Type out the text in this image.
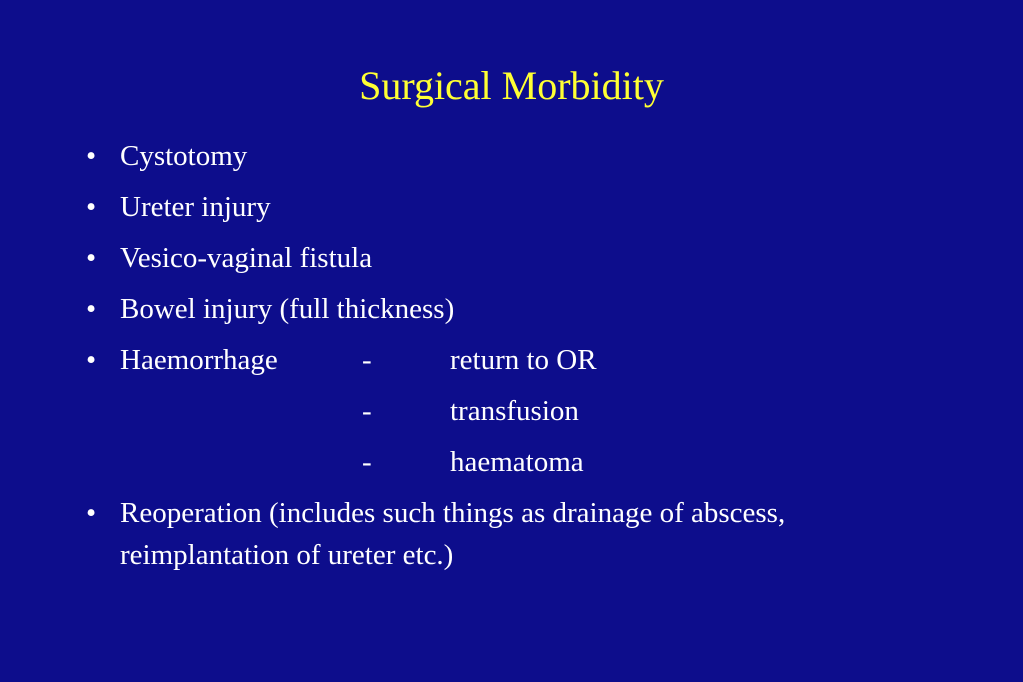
Surgical Morbidity
• Cystotomy
• Ureter injury
• Vesico-vaginal fistula
• Bowel injury (full thickness)
• Haemorrhage	-	return to OR
-	transfusion
-	haematoma
• Reoperation (includes such things as drainage of abscess,
reimplantation of ureter etc.)
